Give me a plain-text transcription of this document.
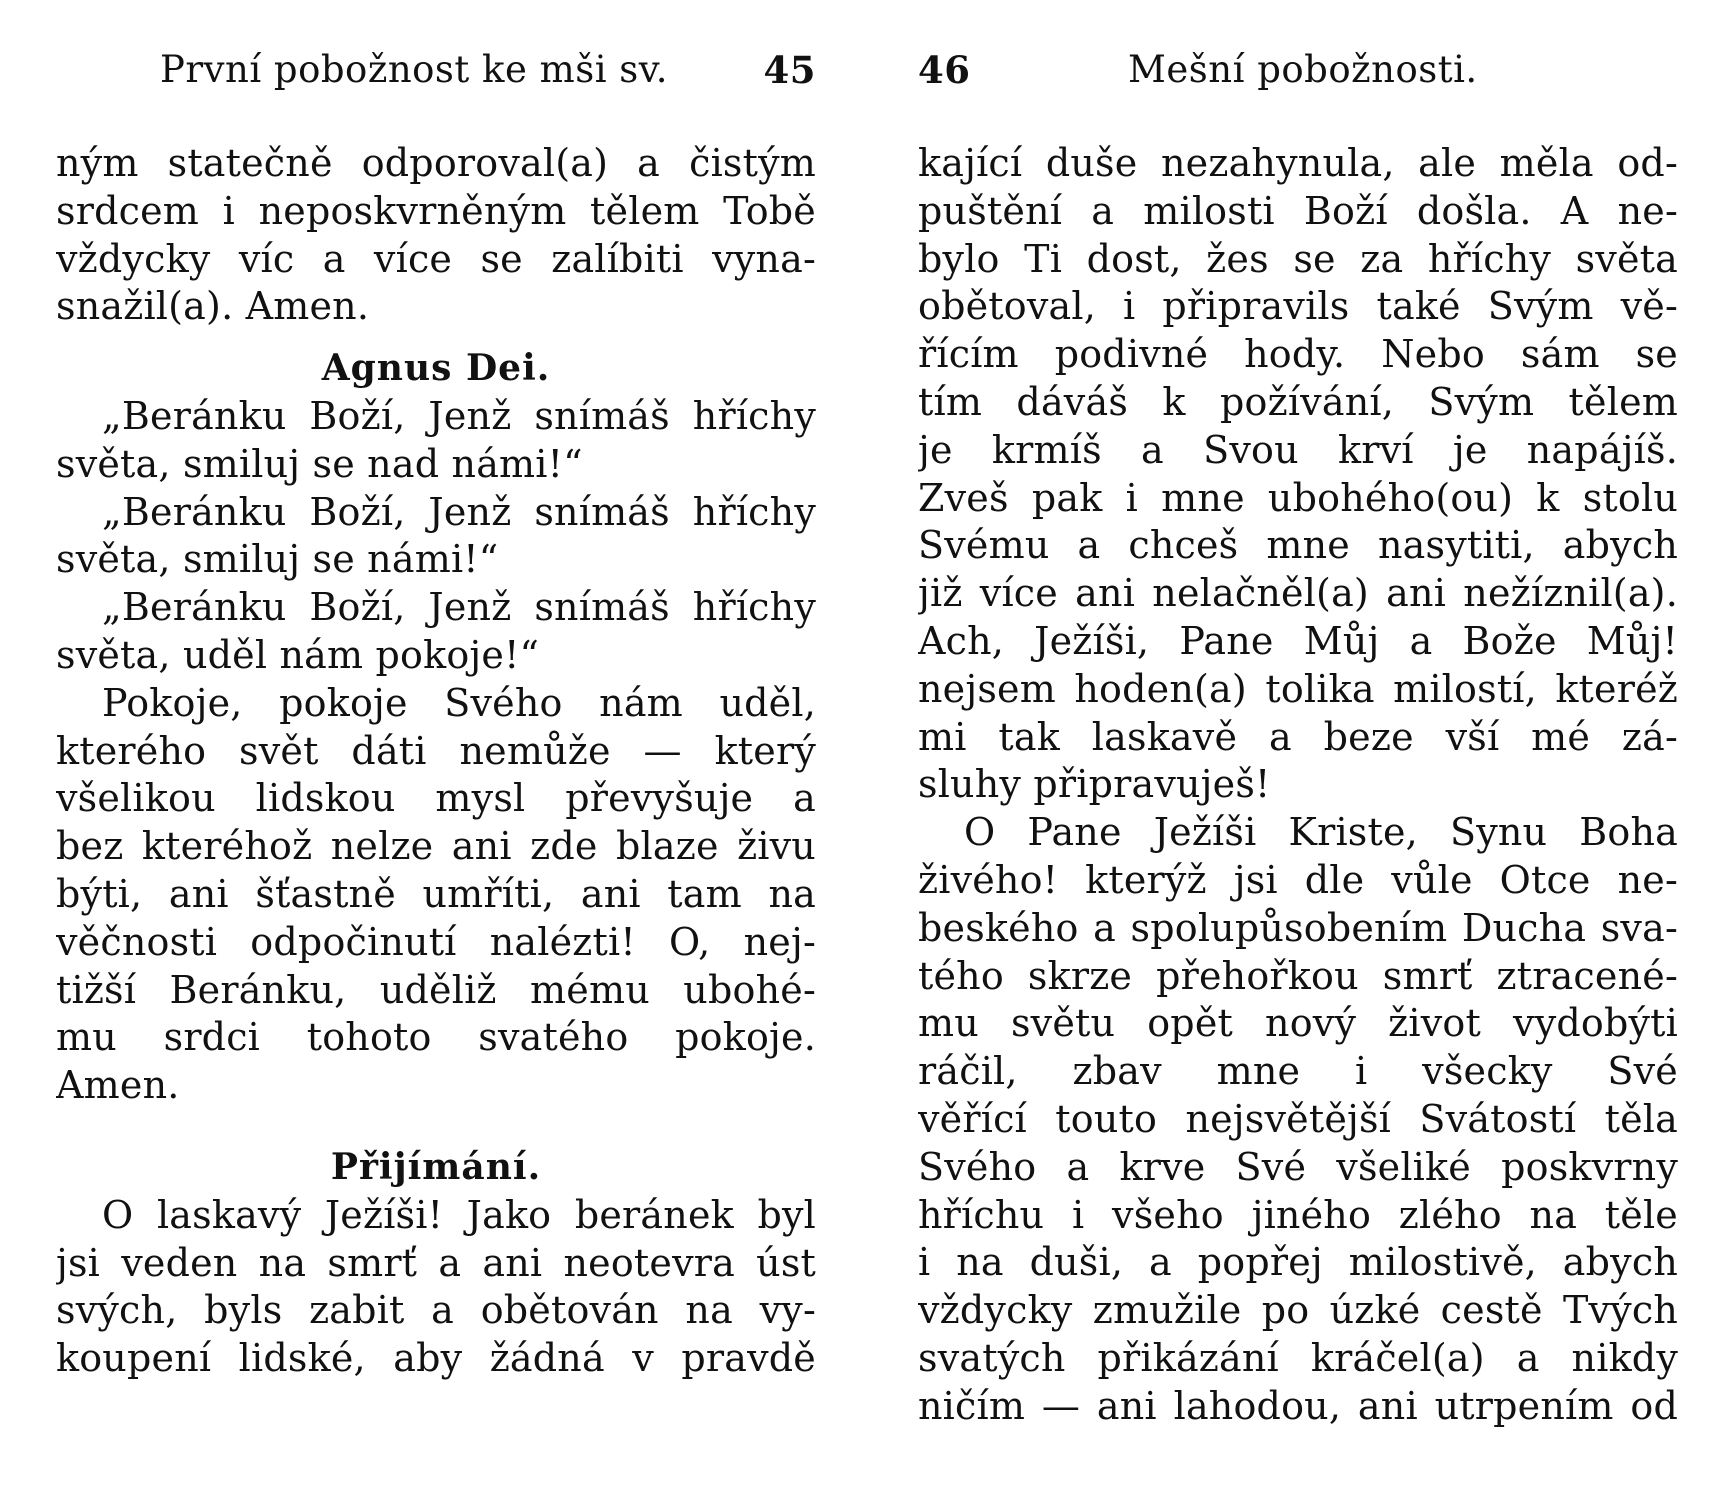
První pobožnost ke mši sv.	45
ným statečně odporoval(a) a čistým
srdcem i neposkvrněným tělem Tobě
vždycky víc a více se zalíbiti vyna-
snažil(a). Amen.
Agnus Dei.
„Beránku Boží, Jenž snímáš hříchy
světa, smiluj se nad námi!“
„Beránku Boží, Jenž snímáš hříchy
světa, smiluj se námi!“
„Beránku Boží, Jenž snímáš hříchy
světa, uděl nám pokoje!“
Pokoje, pokoje Svého nám uděl,
kterého svět dáti nemůže — který
všelikou lidskou mysl převyšuje a
bez kteréhož nelze ani zde blaze živu
býti, ani šťastně umříti, ani tam na
věčnosti odpočinutí nalézti! O, nej-
tižší Beránku, uděliž mému ubohé-
mu srdci tohoto svatého pokoje.
Amen.
Přijímání.
O laskavý Ježíši! Jako beránek byl
jsi veden na smrť a ani neotevra úst
svých, byls zabit a obětován na vy-
koupení lidské, aby žádná v pravdě
46	Mešní pobožnosti.
kající duše nezahynula, ale měla od-
puštění a milosti Boží došla. A ne-
bylo Ti dost, žes se za hříchy světa
obětoval, i připravils také Svým vě-
řícím podivné hody. Nebo sám se
tím dáváš k požívání, Svým tělem
je krmíš a Svou krví je napájíš.
Zveš pak i mne ubohého(ou) k stolu
Svému a chceš mne nasytiti, abych
již více ani nelačněl(a) ani nežíznil(a).
Ach, Ježíši, Pane Můj a Bože Můj!
nejsem hoden(a) tolika milostí, kteréž
mi tak laskavě a beze vší mé zá-
sluhy připravuješ!
O Pane Ježíši Kriste, Synu Boha
živého! kterýž jsi dle vůle Otce ne-
beského a spolupůsobením Ducha sva-
tého skrze přehořkou smrť ztracené-
mu světu opět nový život vydobýti
ráčil, zbav mne i všecky Své
věřící touto nejsvětější Svátostí těla
Svého a krve Své všeliké poskvrny
hříchu i všeho jiného zlého na těle
i na duši, a popřej milostivě, abych
vždycky zmužile po úzké cestě Tvých
svatých přikázání kráčel(a) a nikdy
ničím — ani lahodou, ani utrpením od
